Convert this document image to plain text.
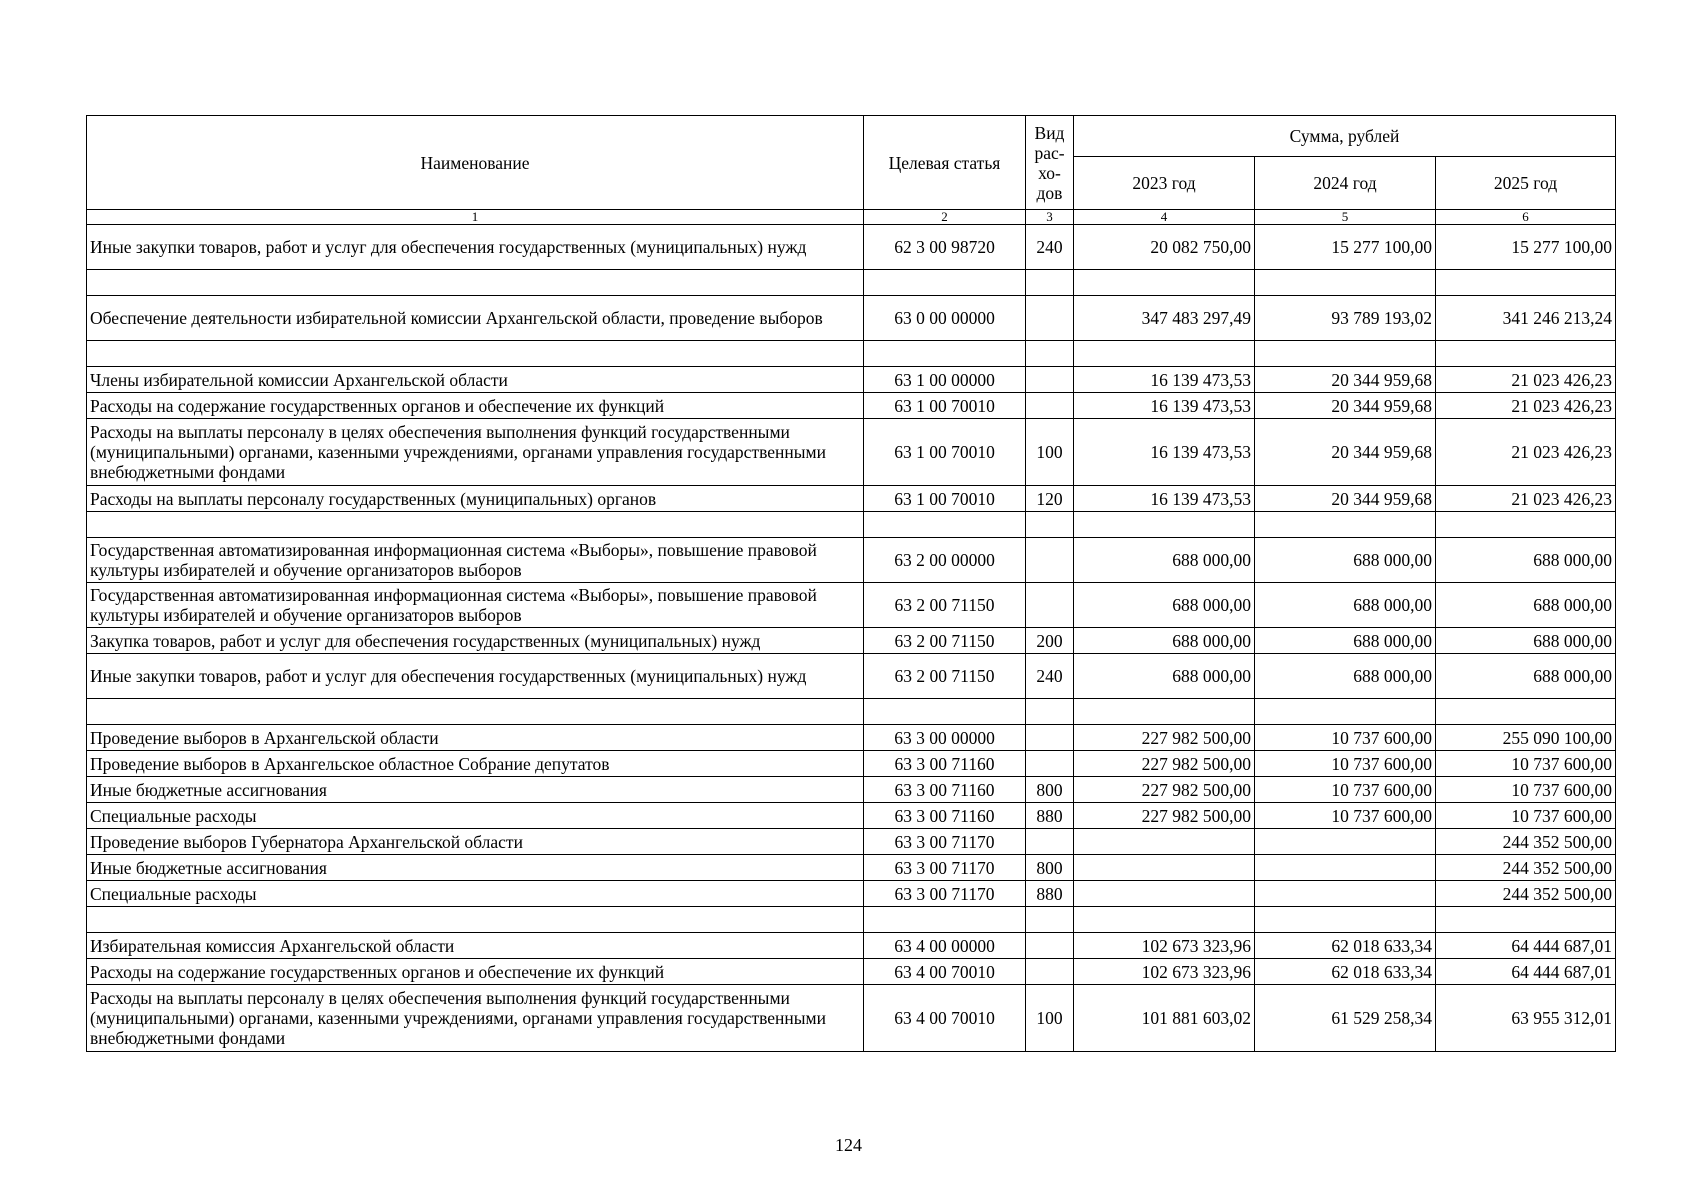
Наименование	Целевая статья	Вид рас-хо-дов	Сумма, рублей		
			2023 год	2024 год	2025 год
1	2	3	4	5	6
Иные закупки товаров, работ и услуг для обеспечения государственных (муниципальных) нужд	62 3 00 98720	240	20 082 750,00	15 277 100,00	15 277 100,00

Обеспечение деятельности избирательной комиссии Архангельской области, проведение выборов	63 0 00 00000		347 483 297,49	93 789 193,02	341 246 213,24

Члены избирательной комиссии Архангельской области	63 1 00 00000		16 139 473,53	20 344 959,68	21 023 426,23
Расходы на содержание государственных органов и обеспечение их функций	63 1 00 70010		16 139 473,53	20 344 959,68	21 023 426,23
Расходы на выплаты персоналу в целях обеспечения выполнения функций государственными (муниципальными) органами, казенными учреждениями, органами управления государственными внебюджетными фондами	63 1 00 70010	100	16 139 473,53	20 344 959,68	21 023 426,23
Расходы на выплаты персоналу государственных (муниципальных) органов	63 1 00 70010	120	16 139 473,53	20 344 959,68	21 023 426,23

Государственная автоматизированная информационная система «Выборы», повышение правовой культуры избирателей и обучение организаторов выборов	63 2 00 00000		688 000,00	688 000,00	688 000,00
Государственная автоматизированная информационная система «Выборы», повышение правовой культуры избирателей и обучение организаторов выборов	63 2 00 71150		688 000,00	688 000,00	688 000,00
Закупка товаров, работ и услуг для обеспечения государственных (муниципальных) нужд	63 2 00 71150	200	688 000,00	688 000,00	688 000,00
Иные закупки товаров, работ и услуг для обеспечения государственных (муниципальных) нужд	63 2 00 71150	240	688 000,00	688 000,00	688 000,00

Проведение выборов в Архангельской области	63 3 00 00000		227 982 500,00	10 737 600,00	255 090 100,00
Проведение выборов в Архангельское областное Собрание депутатов	63 3 00 71160		227 982 500,00	10 737 600,00	10 737 600,00
Иные бюджетные ассигнования	63 3 00 71160	800	227 982 500,00	10 737 600,00	10 737 600,00
Специальные расходы	63 3 00 71160	880	227 982 500,00	10 737 600,00	10 737 600,00
Проведение выборов Губернатора Архангельской области	63 3 00 71170				244 352 500,00
Иные бюджетные ассигнования	63 3 00 71170	800			244 352 500,00
Специальные расходы	63 3 00 71170	880			244 352 500,00

Избирательная комиссия Архангельской области	63 4 00 00000		102 673 323,96	62 018 633,34	64 444 687,01
Расходы на содержание государственных органов и обеспечение их функций	63 4 00 70010		102 673 323,96	62 018 633,34	64 444 687,01
Расходы на выплаты персоналу в целях обеспечения выполнения функций государственными (муниципальными) органами, казенными учреждениями, органами управления государственными внебюджетными фондами	63 4 00 70010	100	101 881 603,02	61 529 258,34	63 955 312,01
124
